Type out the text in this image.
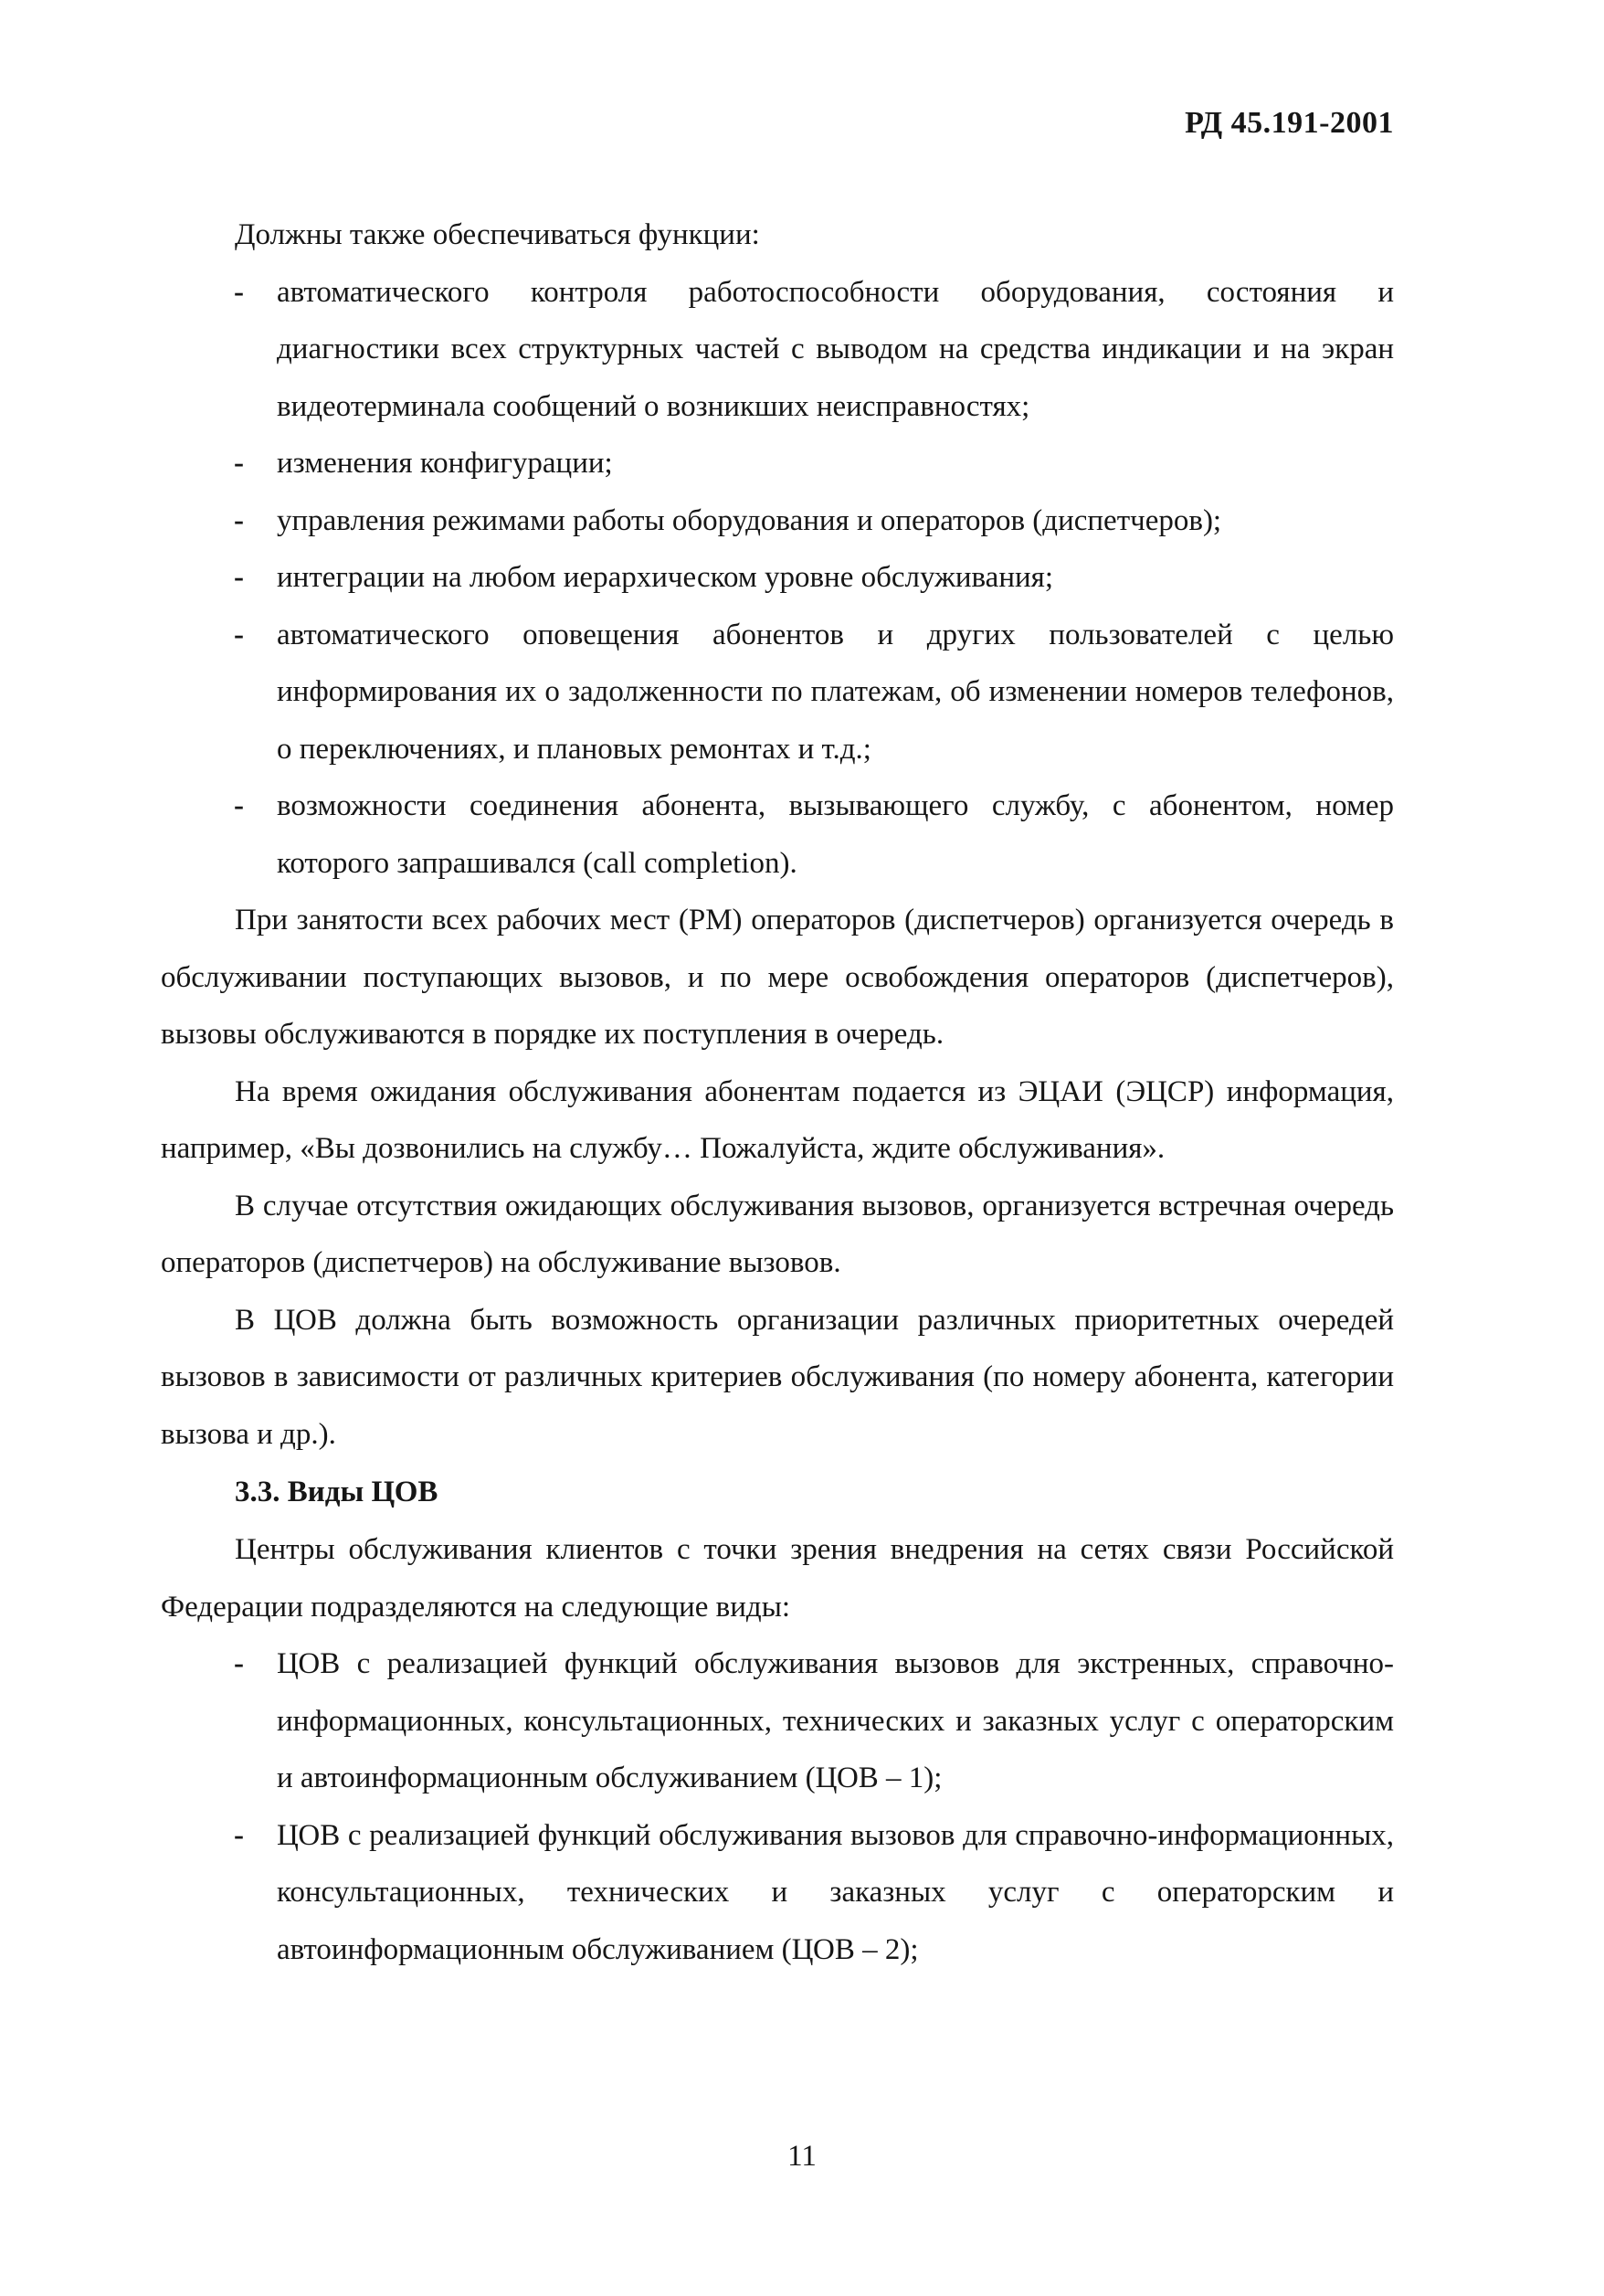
РД 45.191-2001

Должны также обеспечиваться функции:

- автоматического контроля работоспособности оборудования, состояния и диагностики всех структурных частей с выводом на средства индикации и на экран видеотерминала сообщений о возникших неисправностях;
- изменения конфигурации;
- управления режимами работы оборудования и операторов (диспетчеров);
- интеграции на любом иерархическом уровне обслуживания;
- автоматического оповещения абонентов и других пользователей с целью информирования их о задолженности по платежам, об изменении номеров телефонов, о переключениях, и плановых ремонтах и т.д.;
- возможности соединения абонента, вызывающего службу, с абонентом, номер которого запрашивался (call completion).

При занятости всех рабочих мест (РМ) операторов (диспетчеров) организуется очередь в обслуживании поступающих вызовов, и по мере освобождения операторов (диспетчеров), вызовы обслуживаются в порядке их поступления в очередь.

На время ожидания обслуживания абонентам подается из ЭЦАИ (ЭЦСР) информация, например, «Вы дозвонились на службу… Пожалуйста, ждите обслуживания».

В случае отсутствия ожидающих обслуживания вызовов, организуется встречная очередь операторов (диспетчеров) на обслуживание вызовов.

В ЦОВ должна быть возможность организации различных приоритетных очередей вызовов в зависимости от различных критериев обслуживания (по номеру абонента, категории вызова и др.).

3.3. Виды ЦОВ

Центры обслуживания клиентов с точки зрения внедрения на сетях связи Российской Федерации подразделяются на следующие виды:

- ЦОВ с реализацией функций обслуживания вызовов для экстренных, справочно-информационных, консультационных, технических и заказных услуг с операторским и автоинформационным обслуживанием (ЦОВ – 1);
- ЦОВ с реализацией функций обслуживания вызовов для справочно-информационных, консультационных, технических и заказных услуг с операторским и автоинформационным обслуживанием (ЦОВ – 2);
11
